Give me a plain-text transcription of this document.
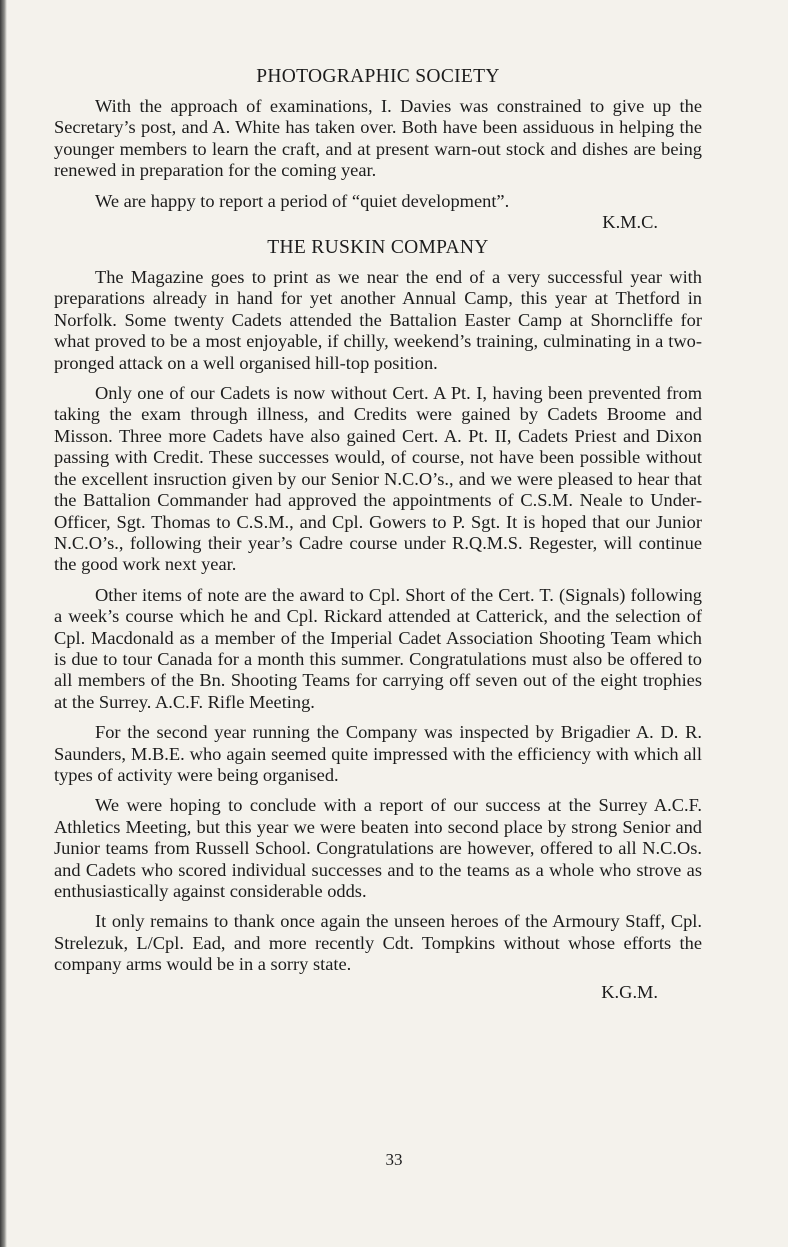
PHOTOGRAPHIC SOCIETY

With the approach of examinations, I. Davies was constrained to give up the Secretary’s post, and A. White has taken over. Both have been assiduous in helping the younger members to learn the craft, and at present warn-out stock and dishes are being renewed in preparation for the coming year.

We are happy to report a period of “quiet development”.

K.M.C.
THE RUSKIN COMPANY

The Magazine goes to print as we near the end of a very successful year with preparations already in hand for yet another Annual Camp, this year at Thetford in Norfolk. Some twenty Cadets attended the Battalion Easter Camp at Shorncliffe for what proved to be a most enjoyable, if chilly, weekend’s training, culminating in a two-pronged attack on a well organised hill-top position.

Only one of our Cadets is now without Cert. A Pt. I, having been prevented from taking the exam through illness, and Credits were gained by Cadets Broome and Misson. Three more Cadets have also gained Cert. A. Pt. II, Cadets Priest and Dixon passing with Credit. These successes would, of course, not have been possible without the excellent insruction given by our Senior N.C.O’s., and we were pleased to hear that the Battalion Commander had approved the appointments of C.S.M. Neale to Under-Officer, Sgt. Thomas to C.S.M., and Cpl. Gowers to P. Sgt. It is hoped that our Junior N.C.O’s., following their year’s Cadre course under R.Q.M.S. Regester, will continue the good work next year.

Other items of note are the award to Cpl. Short of the Cert. T. (Signals) following a week’s course which he and Cpl. Rickard attended at Catterick, and the selection of Cpl. Macdonald as a member of the Imperial Cadet Association Shooting Team which is due to tour Canada for a month this summer. Congratulations must also be offered to all members of the Bn. Shooting Teams for carrying off seven out of the eight trophies at the Surrey. A.C.F. Rifle Meeting.

For the second year running the Company was inspected by Brigadier A. D. R. Saunders, M.B.E. who again seemed quite impressed with the efficiency with which all types of activity were being organised.

We were hoping to conclude with a report of our success at the Surrey A.C.F. Athletics Meeting, but this year we were beaten into second place by strong Senior and Junior teams from Russell School. Congratulations are however, offered to all N.C.Os. and Cadets who scored individual successes and to the teams as a whole who strove as enthusiastically against considerable odds.

It only remains to thank once again the unseen heroes of the Armoury Staff, Cpl. Strelezuk, L/Cpl. Ead, and more recently Cdt. Tompkins without whose efforts the company arms would be in a sorry state.

K.G.M.
33
